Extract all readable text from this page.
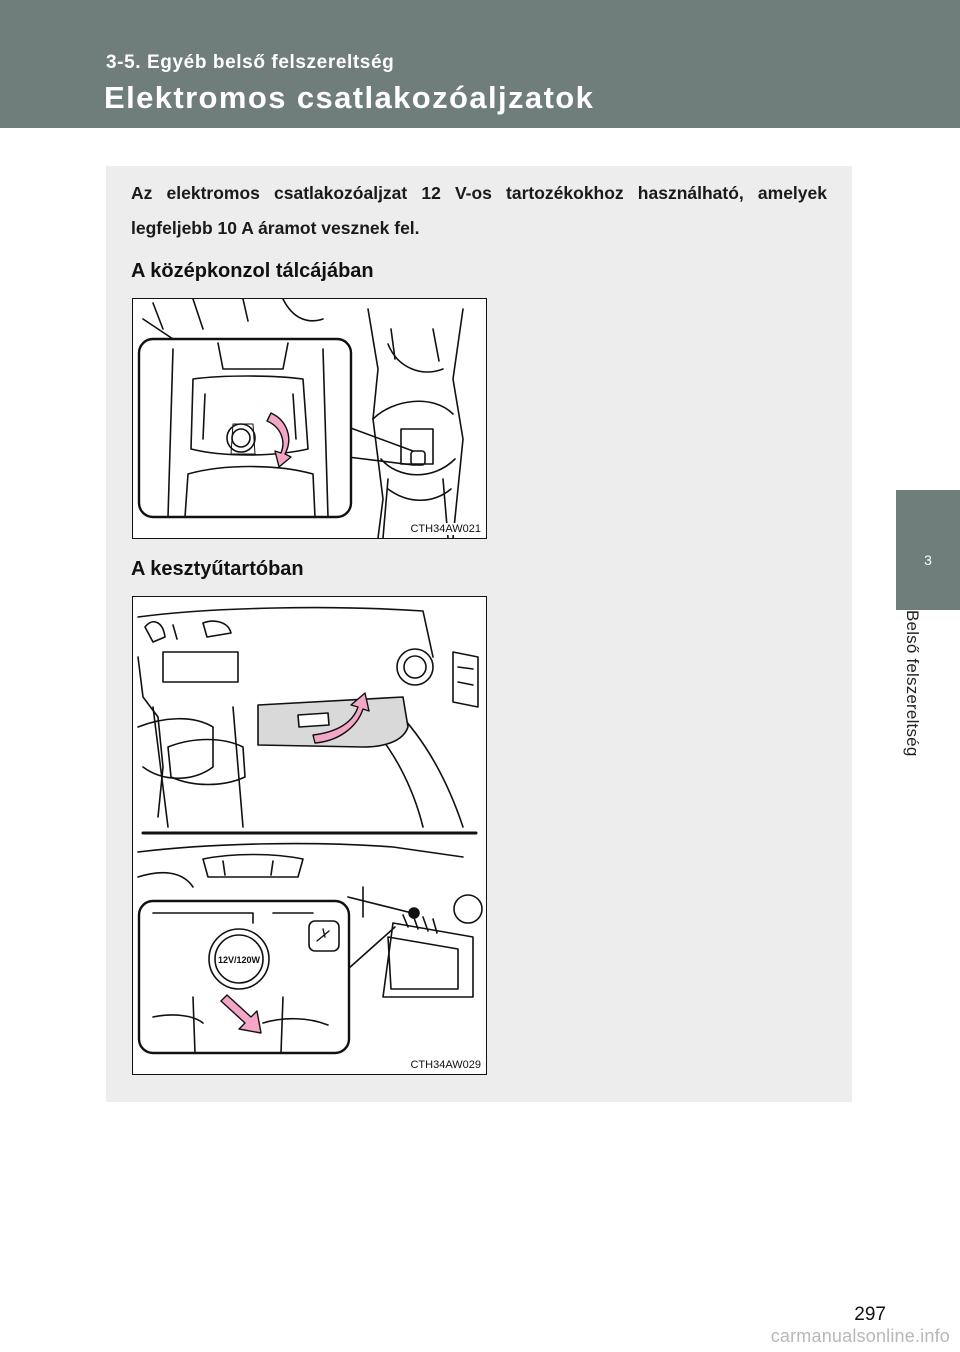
3-5. Egyéb belső felszereltség
Elektromos csatlakozóaljzatok
3
Belső felszereltség
Az elektromos csatlakozóaljzat 12 V-os tartozékokhoz használható, amelyek legfeljebb 10 A áramot vesznek fel.
A középkonzol tálcájában
CTH34AW021
A kesztyűtartóban
12V/120W
CTH34AW029
297
carmanualsonline.info
